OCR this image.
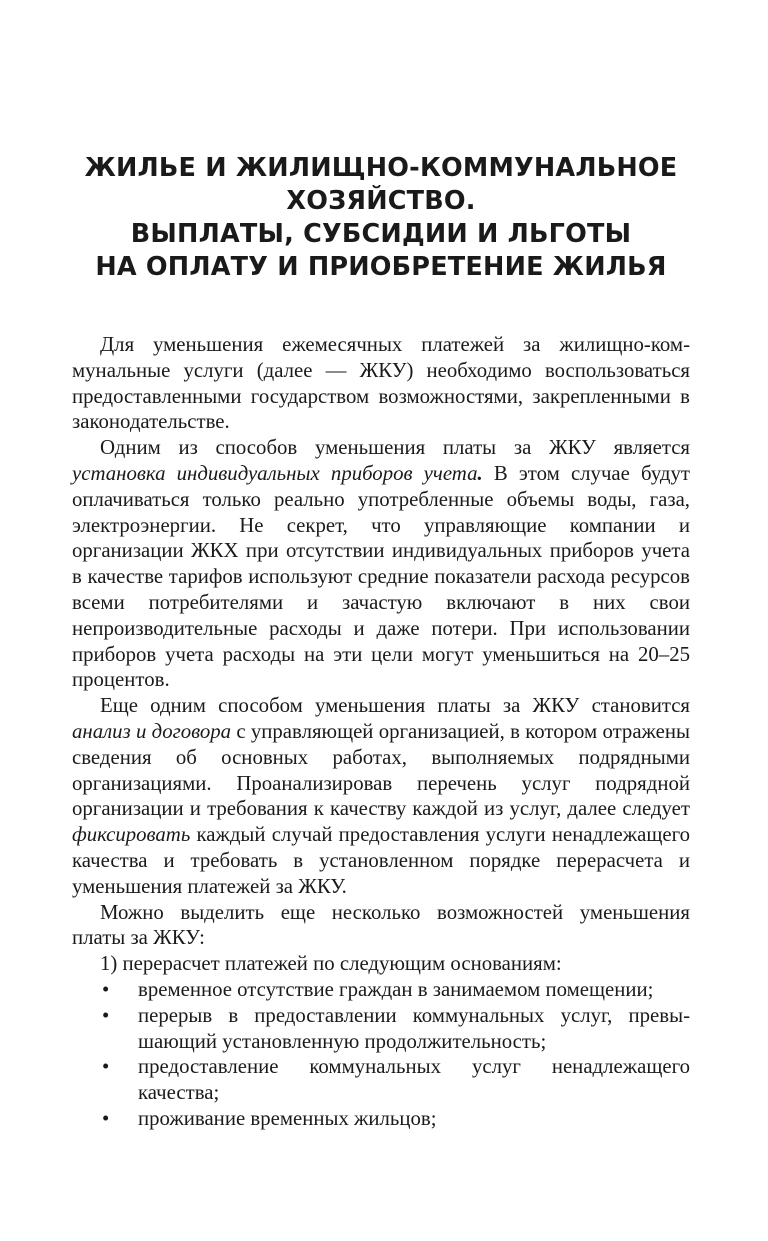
ЖИЛЬЕ И ЖИЛИЩНО-КОММУНАЛЬНОЕ
ХОЗЯЙСТВО.
ВЫПЛАТЫ, СУБСИДИИ И ЛЬГОТЫ
НА ОПЛАТУ И ПРИОБРЕТЕНИЕ ЖИЛЬЯ

Для уменьшения ежемесячных платежей за жилищно-коммунальные услуги (далее — ЖКУ) необходимо воспользоваться предоставленными государством возможностями, закрепленными в законодательстве.

Одним из способов уменьшения платы за ЖКУ является установка индивидуальных приборов учета. В этом случае будут оплачиваться только реально употребленные объемы воды, газа, электроэнергии. Не секрет, что управляющие компании и организации ЖКХ при отсутствии индивидуальных приборов учета в качестве тарифов используют средние показатели расхода ресурсов всеми потребителями и зачастую включают в них свои непроизводительные расходы и даже потери. При использовании приборов учета расходы на эти цели могут уменьшиться на 20–25 процентов.

Еще одним способом уменьшения платы за ЖКУ становится анализ и договора с управляющей организацией, в котором отражены сведения об основных работах, выполняемых подрядными организациями. Проанализировав перечень услуг подрядной организации и требования к качеству каждой из услуг, далее следует фиксировать каждый случай предоставления услуги ненадлежащего качества и требовать в установленном порядке перерасчета и уменьшения платежей за ЖКУ.

Можно выделить еще несколько возможностей уменьшения платы за ЖКУ:

1) перерасчет платежей по следующим основаниям:

• временное отсутствие граждан в занимаемом помещении;

• перерыв в предоставлении коммунальных услуг, превышающий установленную продолжительность;

• предоставление коммунальных услуг ненадлежащего качества;

• проживание временных жильцов;
